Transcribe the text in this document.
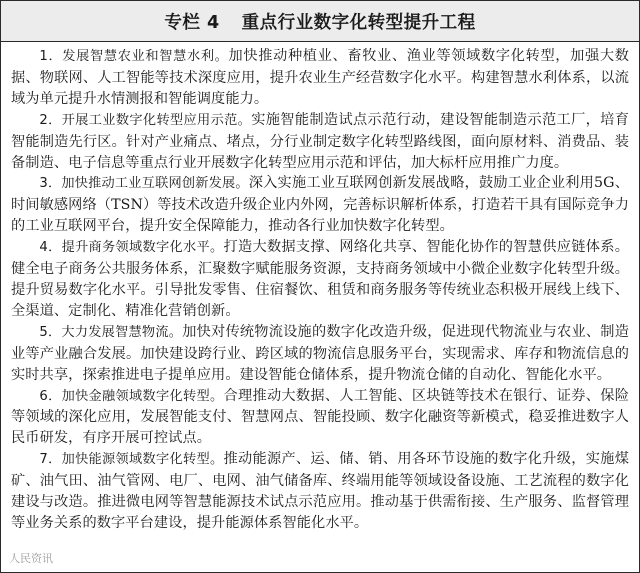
专栏 4 重点行业数字化转型提升工程

1．发展智慧农业和智慧水利。加快推动种植业、畜牧业、渔业等领域数字化转型，加强大数据、物联网、人工智能等技术深度应用，提升农业生产经营数字化水平。构建智慧水利体系，以流域为单元提升水情测报和智能调度能力。

2．开展工业数字化转型应用示范。实施智能制造试点示范行动，建设智能制造示范工厂，培育智能制造先行区。针对产业痛点、堵点，分行业制定数字化转型路线图，面向原材料、消费品、装备制造、电子信息等重点行业开展数字化转型应用示范和评估，加大标杆应用推广力度。

3．加快推动工业互联网创新发展。深入实施工业互联网创新发展战略，鼓励工业企业利用5G、时间敏感网络（TSN）等技术改造升级企业内外网，完善标识解析体系，打造若干具有国际竞争力的工业互联网平台，提升安全保障能力，推动各行业加快数字化转型。

4．提升商务领域数字化水平。打造大数据支撑、网络化共享、智能化协作的智慧供应链体系。健全电子商务公共服务体系，汇聚数字赋能服务资源，支持商务领域中小微企业数字化转型升级。提升贸易数字化水平。引导批发零售、住宿餐饮、租赁和商务服务等传统业态积极开展线上线下、全渠道、定制化、精准化营销创新。

5．大力发展智慧物流。加快对传统物流设施的数字化改造升级，促进现代物流业与农业、制造业等产业融合发展。加快建设跨行业、跨区域的物流信息服务平台，实现需求、库存和物流信息的实时共享，探索推进电子提单应用。建设智能仓储体系，提升物流仓储的自动化、智能化水平。

6．加快金融领域数字化转型。合理推动大数据、人工智能、区块链等技术在银行、证券、保险等领域的深化应用，发展智能支付、智慧网点、智能投顾、数字化融资等新模式，稳妥推进数字人民币研发，有序开展可控试点。

7．加快能源领域数字化转型。推动能源产、运、储、销、用各环节设施的数字化升级，实施煤矿、油气田、油气管网、电厂、电网、油气储备库、终端用能等领域设备设施、工艺流程的数字化建设与改造。推进微电网等智慧能源技术试点示范应用。推动基于供需衔接、生产服务、监督管理等业务关系的数字平台建设，提升能源体系智能化水平。

人民资讯
